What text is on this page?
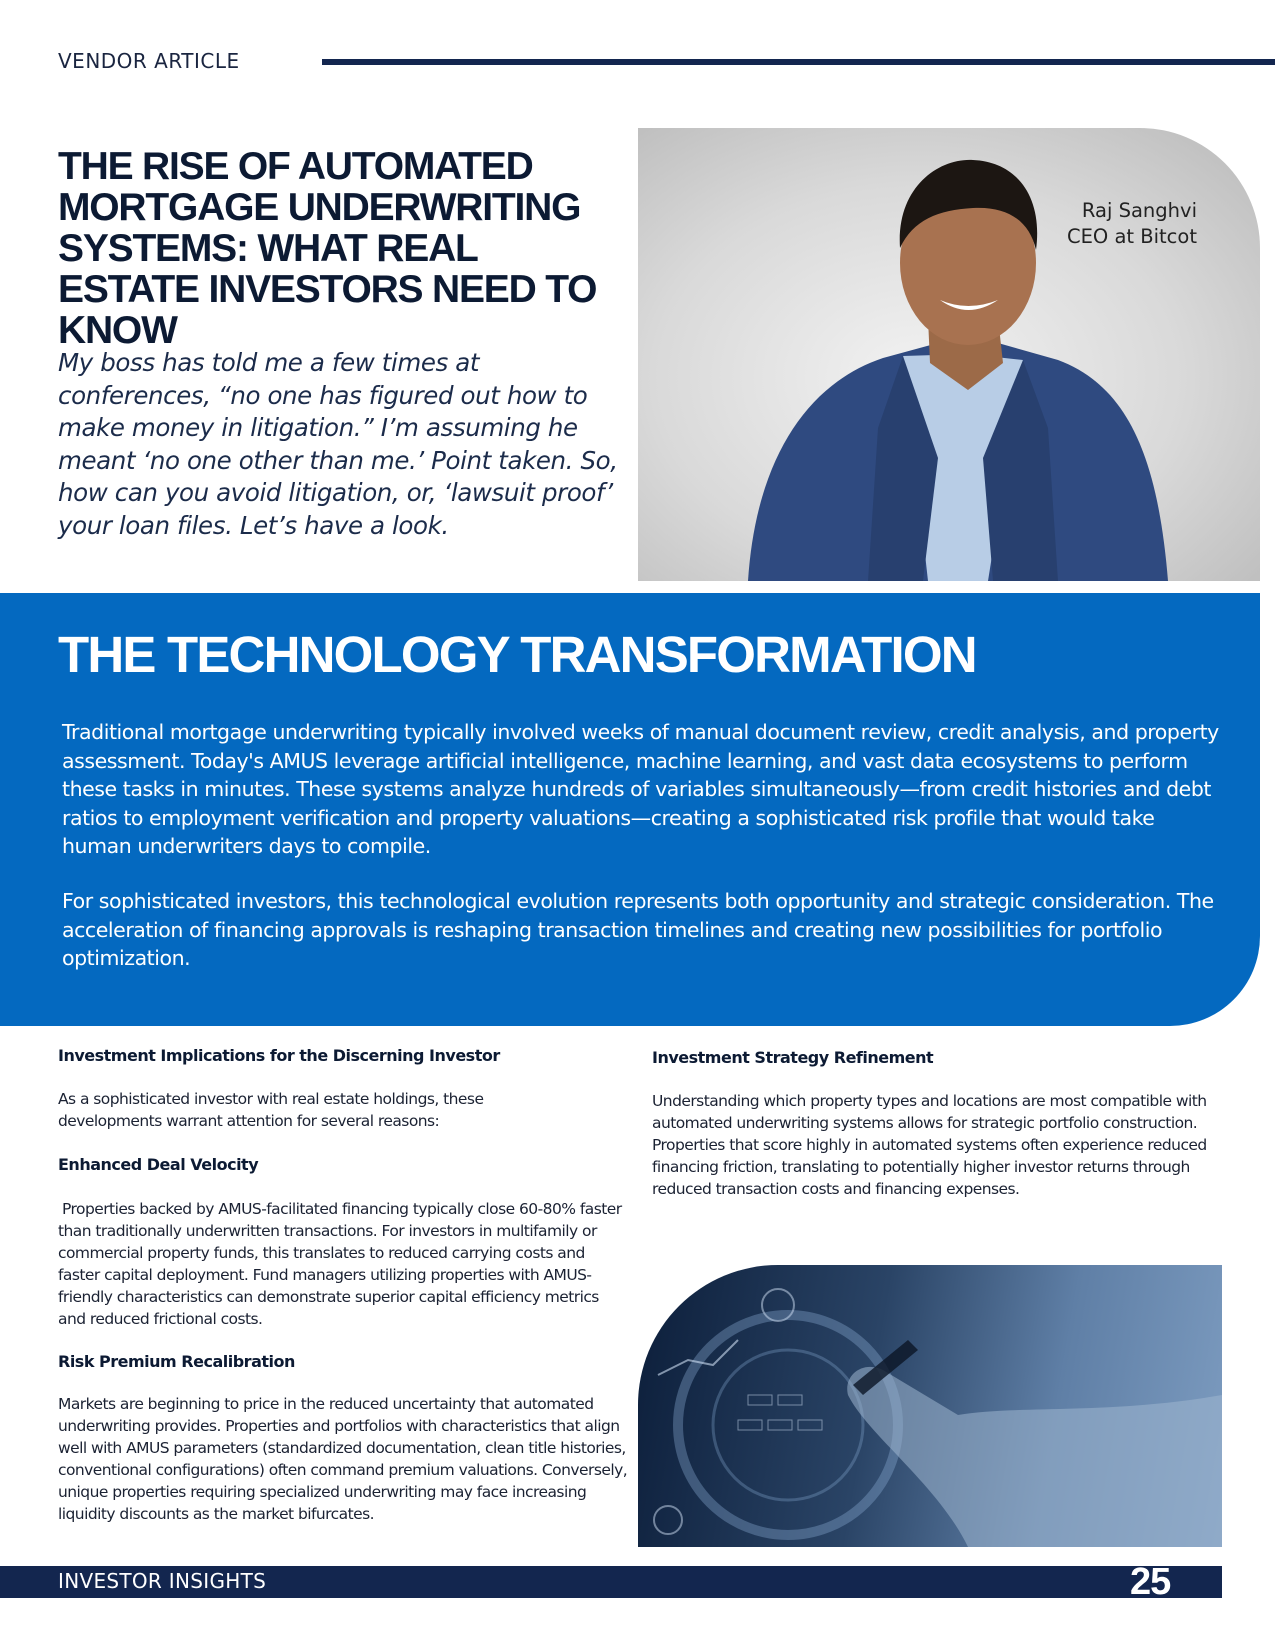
VENDOR ARTICLE
THE RISE OF AUTOMATED MORTGAGE UNDERWRITING SYSTEMS: WHAT REAL ESTATE INVESTORS NEED TO KNOW
My boss has told me a few times at conferences, “no one has figured out how to make money in litigation.” I’m assuming he meant ‘no one other than me.’ Point taken. So, how can you avoid litigation, or, ‘lawsuit proof’ your loan files. Let’s have a look.
Raj Sanghvi
CEO at Bitcot
THE TECHNOLOGY TRANSFORMATION
Traditional mortgage underwriting typically involved weeks of manual document review, credit analysis, and property assessment. Today's AMUS leverage artificial intelligence, machine learning, and vast data ecosystems to perform these tasks in minutes. These systems analyze hundreds of variables simultaneously—from credit histories and debt ratios to employment verification and property valuations—creating a sophisticated risk profile that would take human underwriters days to compile.
For sophisticated investors, this technological evolution represents both opportunity and strategic consideration. The acceleration of financing approvals is reshaping transaction timelines and creating new possibilities for portfolio optimization.
Investment Implications for the Discerning Investor
As a sophisticated investor with real estate holdings, these developments warrant attention for several reasons:
Enhanced Deal Velocity
Properties backed by AMUS-facilitated financing typically close 60-80% faster than traditionally underwritten transactions. For investors in multifamily or commercial property funds, this translates to reduced carrying costs and faster capital deployment. Fund managers utilizing properties with AMUS-friendly characteristics can demonstrate superior capital efficiency metrics and reduced frictional costs.
Risk Premium Recalibration
Markets are beginning to price in the reduced uncertainty that automated underwriting provides. Properties and portfolios with characteristics that align well with AMUS parameters (standardized documentation, clean title histories, conventional configurations) often command premium valuations. Conversely, unique properties requiring specialized underwriting may face increasing liquidity discounts as the market bifurcates.
Investment Strategy Refinement
Understanding which property types and locations are most compatible with automated underwriting systems allows for strategic portfolio construction. Properties that score highly in automated systems often experience reduced financing friction, translating to potentially higher investor returns through reduced transaction costs and financing expenses.
INVESTOR INSIGHTS	25
